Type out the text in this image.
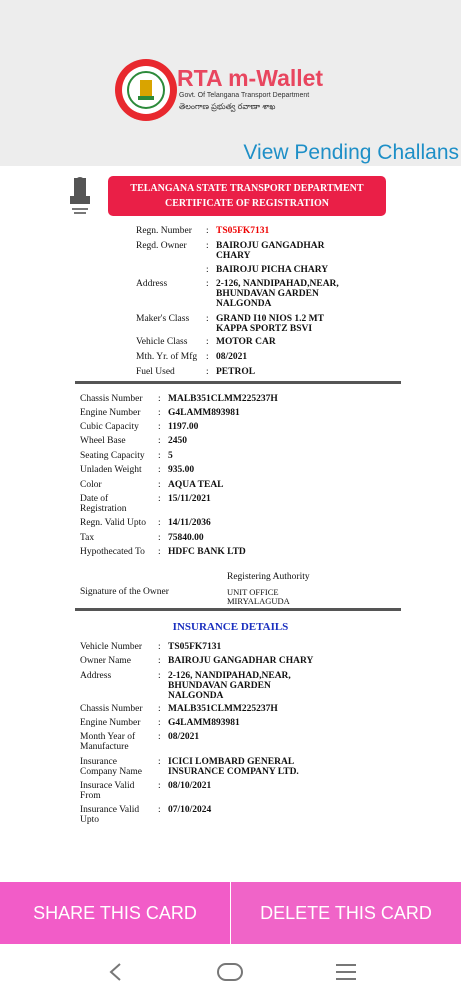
RTA m-Wallet
Govt. Of Telangana Transport Department
తెలంగాణ ప్రభుత్వ రవాణా శాఖ
View Pending Challans
TELANGANA STATE TRANSPORT DEPARTMENT
CERTIFICATE OF REGISTRATION
Regn. Number : TS05FK7131
Regd. Owner : BAIROJU GANGADHAR
CHARY
: BAIROJU PICHA CHARY
Address	: 2-126, NANDIPAHAD,NEAR,
BHUNDAVAN GARDEN
NALGONDA
Maker's Class : GRAND I10 NIOS 1.2 MT
KAPPA SPORTZ BSVI
Vehicle Class : MOTOR CAR
Mth. Yr. of Mfg : 08/2021
Fuel Used	: PETROL
Chassis Number : MALB351CLMM225237H
Engine Number : G4LAMM893981
Cubic Capacity : 1197.00
Wheel Base	: 2450
Seating Capacity : 5
Unladen Weight : 935.00
Color	: AQUA TEAL
Date of
Registration
: 15/11/2021
Regn. Valid Upto : 14/11/2036
Tax	: 75840.00
Hypothecated To : HDFC BANK LTD
Registering Authority
Signature of the Owner	UNIT OFFICE
MIRYALAGUDA
INSURANCE DETAILS
Vehicle Number : TS05FK7131
Owner Name	: BAIROJU GANGADHAR CHARY
Address	: 2-126, NANDIPAHAD,NEAR,
BHUNDAVAN GARDEN
NALGONDA
Chassis Number : MALB351CLMM225237H
Engine Number : G4LAMM893981
Month Year of
Manufacture
: 08/2021
Insurance
Company Name
: ICICI LOMBARD GENERAL
INSURANCE COMPANY LTD.
Insurace Valid
From
: 08/10/2021
Insurance Valid
Upto
: 07/10/2024
SHARE THIS CARD	DELETE THIS CARD
